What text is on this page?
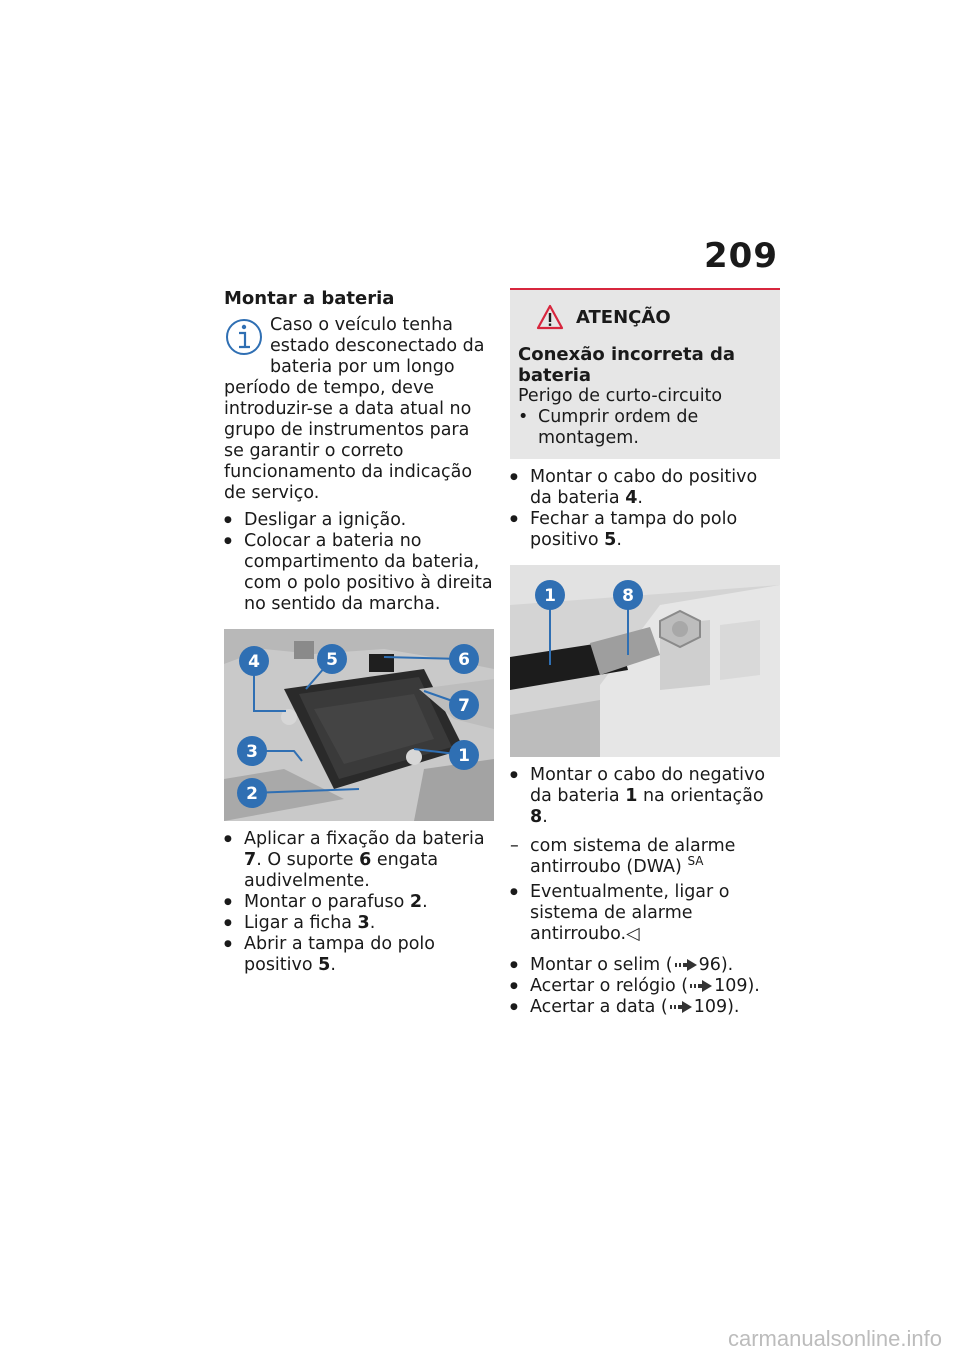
209
Montar a bateria
Caso o veículo tenha estado desconectado da bateria por um longo período de tempo, deve introduzir-se a data atual no grupo de instrumentos para se garantir o correto funcionamento da indicação de serviço.
● Desligar a ignição.
● Colocar a bateria no compartimento da bateria, com o polo positivo à direita no sentido da marcha.
4	5	6
7
3	1
2
● Aplicar a fixação da bateria 7. O suporte 6 engata audivelmente.
● Montar o parafuso 2.
● Ligar a ficha 3.
● Abrir a tampa do polo positivo 5.
ATENÇÃO
Conexão incorreta da bateria
Perigo de curto-circuito
• Cumprir ordem de montagem.
● Montar o cabo do positivo da bateria 4.
● Fechar a tampa do polo positivo 5.
1	8
● Montar o cabo do negativo da bateria 1 na orientação 8.
– com sistema de alarme antirroubo (DWA) $^{SA}$
● Eventualmente, ligar o sistema de alarme antirroubo.◁
● Montar o selim ( 96).
● Acertar o relógio ( 109).
● Acertar a data ( 109).
carmanualsonline.info
